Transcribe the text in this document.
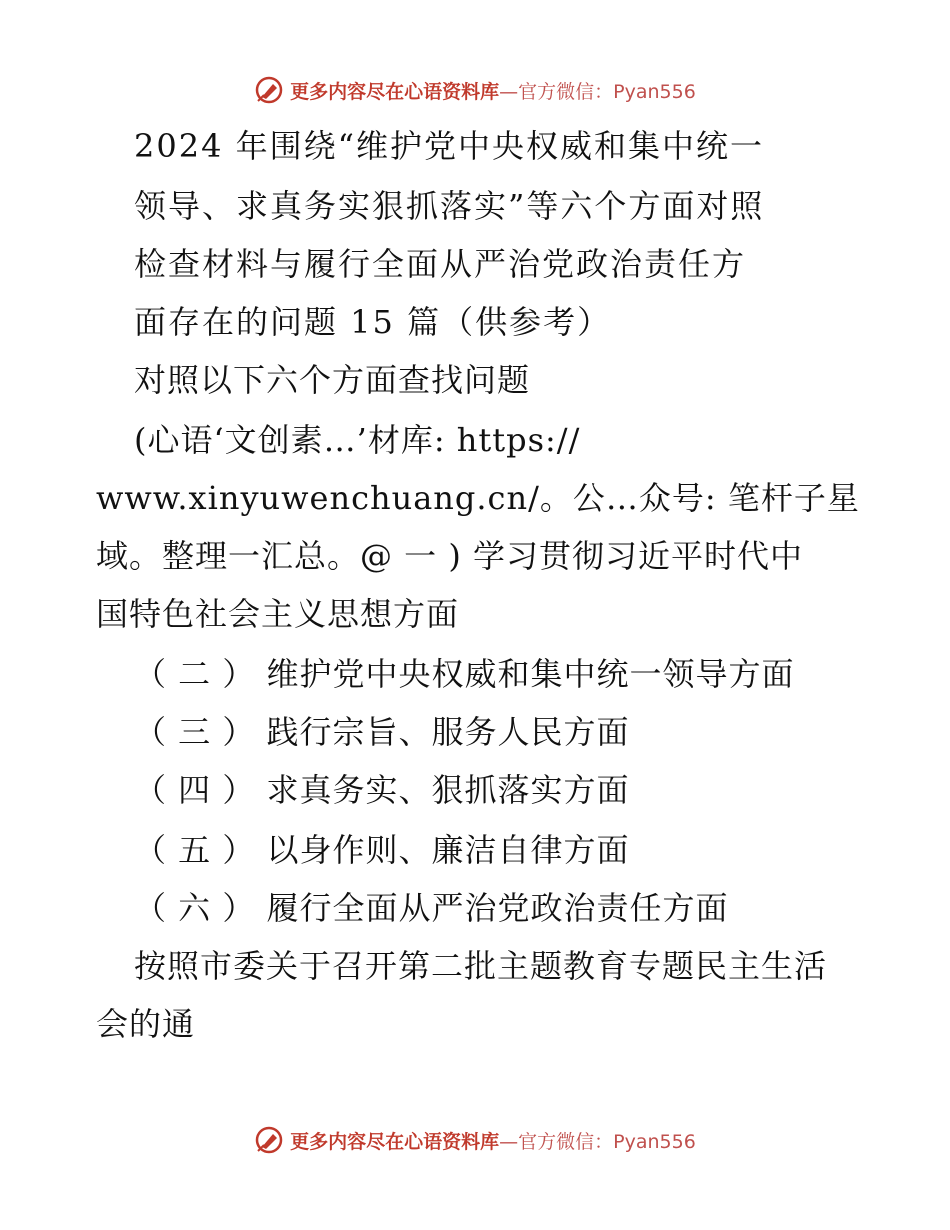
更多内容尽在心语资料库—官方微信：Pyan556
2024 年围绕“维护党中央权威和集中统一
领导、求真务实狠抓落实”等六个方面对照
检查材料与履行全面从严治党政治责任方
面存在的问题 15 篇（供参考）
对照以下六个方面查找问题
(心语‘文创素…’材库: https://
www.xinyuwenchuang.cn/。公…众号: 笔杆子星
域。整理一汇总。@ 一 ) 学习贯彻习近平时代中
国特色社会主义思想方面
（ 二 ） 维护党中央权威和集中统一领导方面
（ 三 ） 践行宗旨、服务人民方面
（ 四 ） 求真务实、狠抓落实方面
（ 五 ） 以身作则、廉洁自律方面
（ 六 ） 履行全面从严治党政治责任方面
按照市委关于召开第二批主题教育专题民主生活
会的通
更多内容尽在心语资料库—官方微信：Pyan556
